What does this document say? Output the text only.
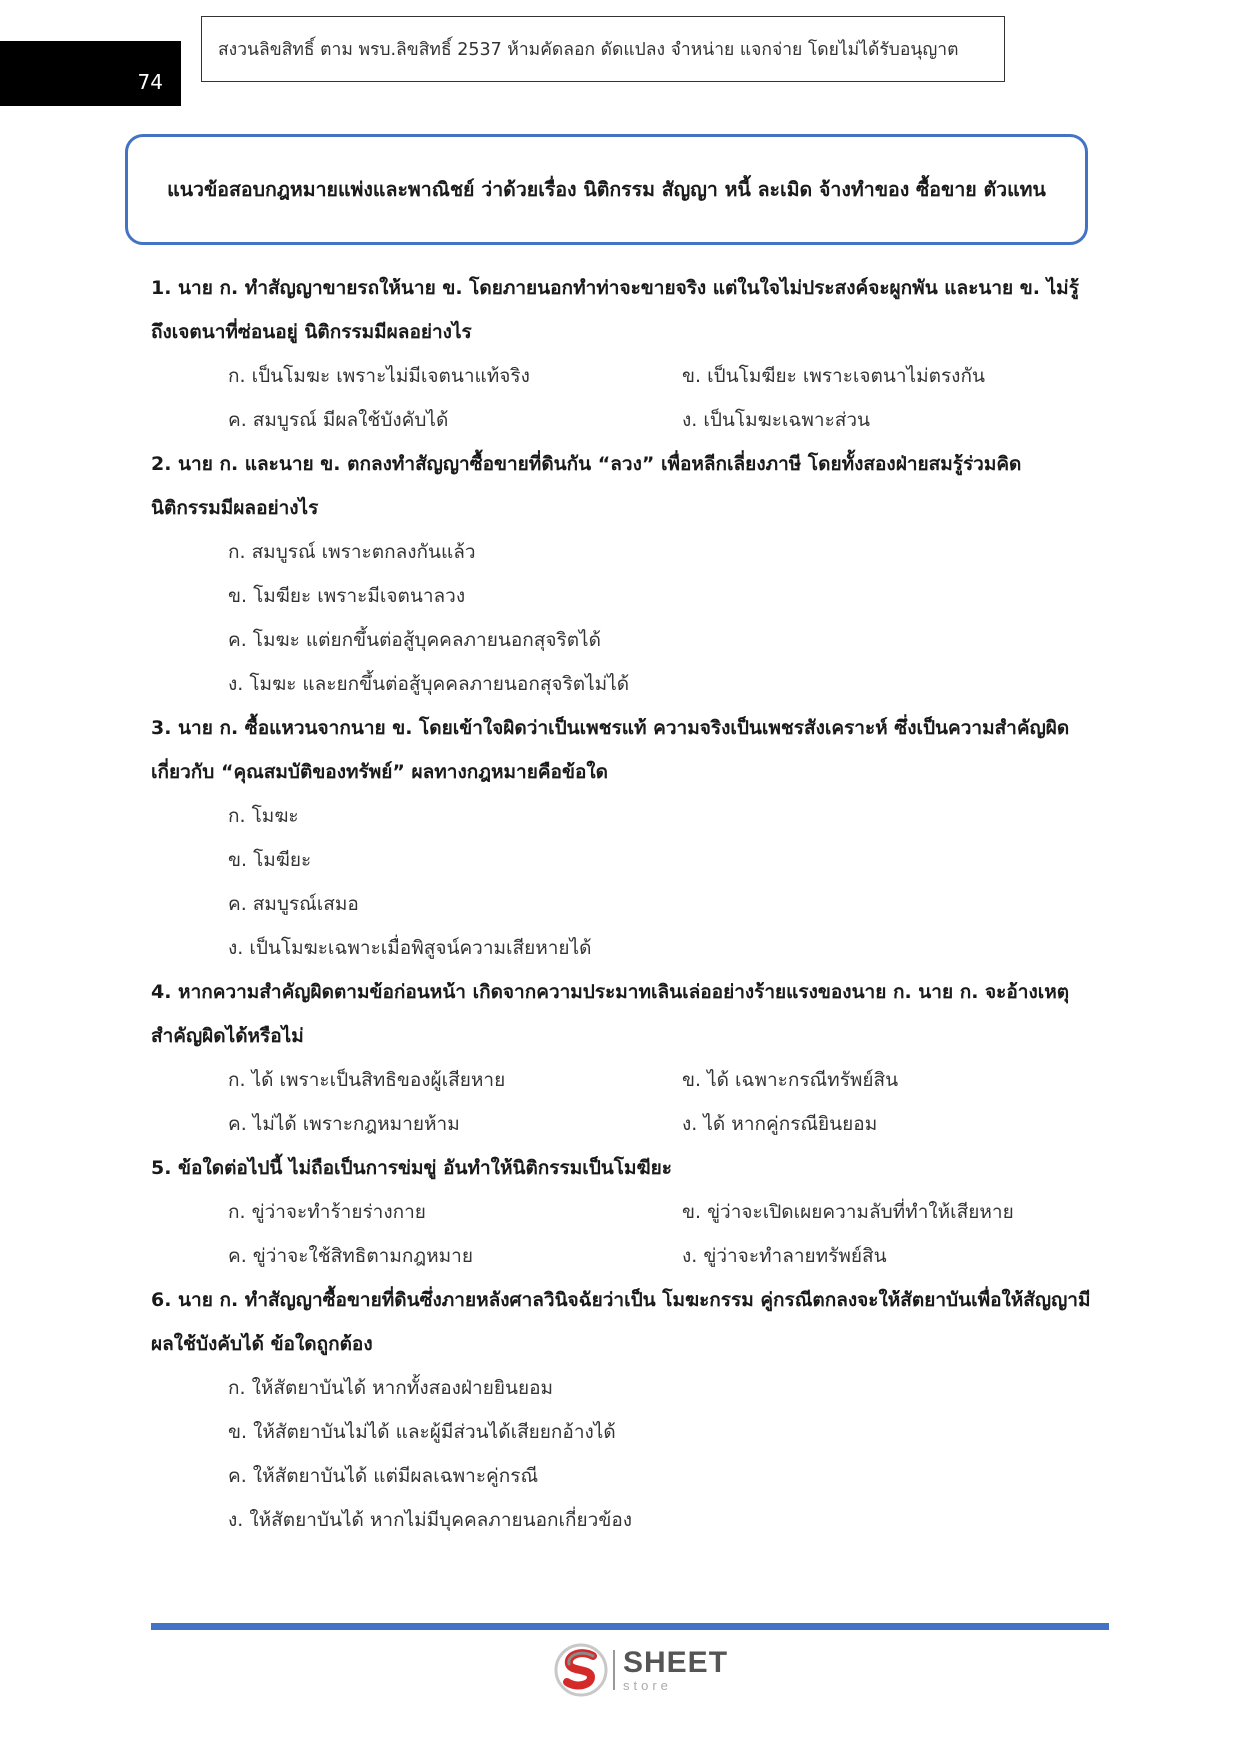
74
สงวนลิขสิทธิ์ ตาม พรบ.ลิขสิทธิ์ 2537 ห้ามคัดลอก ดัดแปลง จำหน่าย แจกจ่าย โดยไม่ได้รับอนุญาต
แนวข้อสอบกฎหมายแพ่งและพาณิชย์ ว่าด้วยเรื่อง นิติกรรม สัญญา หนี้ ละเมิด จ้างทำของ ซื้อขาย ตัวแทน
1. นาย ก. ทำสัญญาขายรถให้นาย ข. โดยภายนอกทำท่าจะขายจริง แต่ในใจไม่ประสงค์จะผูกพัน และนาย ข. ไม่รู้ถึงเจตนาที่ซ่อนอยู่ นิติกรรมมีผลอย่างไร
ก. เป็นโมฆะ เพราะไม่มีเจตนาแท้จริง	ข. เป็นโมฆียะ เพราะเจตนาไม่ตรงกัน
ค. สมบูรณ์ มีผลใช้บังคับได้	ง. เป็นโมฆะเฉพาะส่วน
2. นาย ก. และนาย ข. ตกลงทำสัญญาซื้อขายที่ดินกัน “ลวง” เพื่อหลีกเลี่ยงภาษี โดยทั้งสองฝ่ายสมรู้ร่วมคิด นิติกรรมมีผลอย่างไร
ก. สมบูรณ์ เพราะตกลงกันแล้ว
ข. โมฆียะ เพราะมีเจตนาลวง
ค. โมฆะ แต่ยกขึ้นต่อสู้บุคคลภายนอกสุจริตได้
ง. โมฆะ และยกขึ้นต่อสู้บุคคลภายนอกสุจริตไม่ได้
3. นาย ก. ซื้อแหวนจากนาย ข. โดยเข้าใจผิดว่าเป็นเพชรแท้ ความจริงเป็นเพชรสังเคราะห์ ซึ่งเป็นความสำคัญผิดเกี่ยวกับ “คุณสมบัติของทรัพย์” ผลทางกฎหมายคือข้อใด
ก. โมฆะ
ข. โมฆียะ
ค. สมบูรณ์เสมอ
ง. เป็นโมฆะเฉพาะเมื่อพิสูจน์ความเสียหายได้
4. หากความสำคัญผิดตามข้อก่อนหน้า เกิดจากความประมาทเลินเล่ออย่างร้ายแรงของนาย ก. นาย ก. จะอ้างเหตุสำคัญผิดได้หรือไม่
ก. ได้ เพราะเป็นสิทธิของผู้เสียหาย	ข. ได้ เฉพาะกรณีทรัพย์สิน
ค. ไม่ได้ เพราะกฎหมายห้าม	ง. ได้ หากคู่กรณียินยอม
5. ข้อใดต่อไปนี้ ไม่ถือเป็นการข่มขู่ อันทำให้นิติกรรมเป็นโมฆียะ
ก. ขู่ว่าจะทำร้ายร่างกาย	ข. ขู่ว่าจะเปิดเผยความลับที่ทำให้เสียหาย
ค. ขู่ว่าจะใช้สิทธิตามกฎหมาย	ง. ขู่ว่าจะทำลายทรัพย์สิน
6. นาย ก. ทำสัญญาซื้อขายที่ดินซึ่งภายหลังศาลวินิจฉัยว่าเป็น โมฆะกรรม คู่กรณีตกลงจะให้สัตยาบันเพื่อให้สัญญามีผลใช้บังคับได้ ข้อใดถูกต้อง
ก. ให้สัตยาบันได้ หากทั้งสองฝ่ายยินยอม
ข. ให้สัตยาบันไม่ได้ และผู้มีส่วนได้เสียยกอ้างได้
ค. ให้สัตยาบันได้ แต่มีผลเฉพาะคู่กรณี
ง. ให้สัตยาบันได้ หากไม่มีบุคคลภายนอกเกี่ยวข้อง
SHEET
store
